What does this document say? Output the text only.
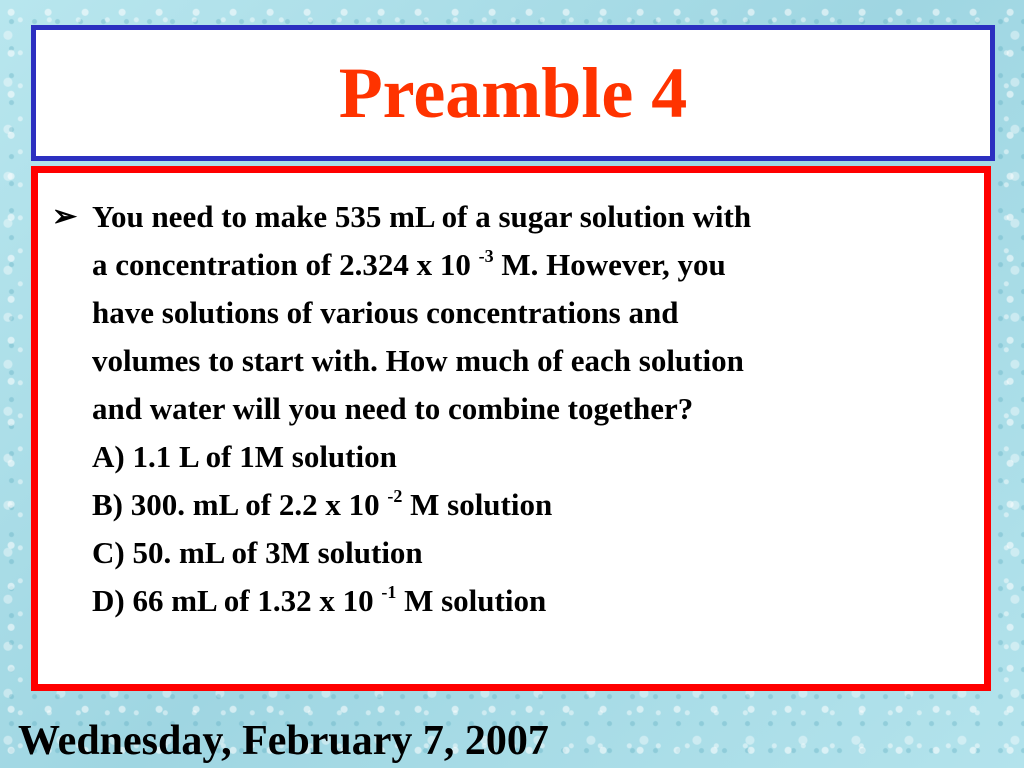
Preamble 4
➢ You need to make 535 mL of a sugar solution with
a concentration of 2.324 x 10 $^{-3}$ M. However, you
have solutions of various concentrations and
volumes to start with. How much of each solution
and water will you need to combine together?
A) 1.1 L of 1M solution
B) 300. mL of 2.2 x 10 $^{-2}$ M solution
C) 50. mL of 3M solution
D) 66 mL of 1.32 x 10 $^{-1}$ M solution
Wednesday, February 7, 2007
